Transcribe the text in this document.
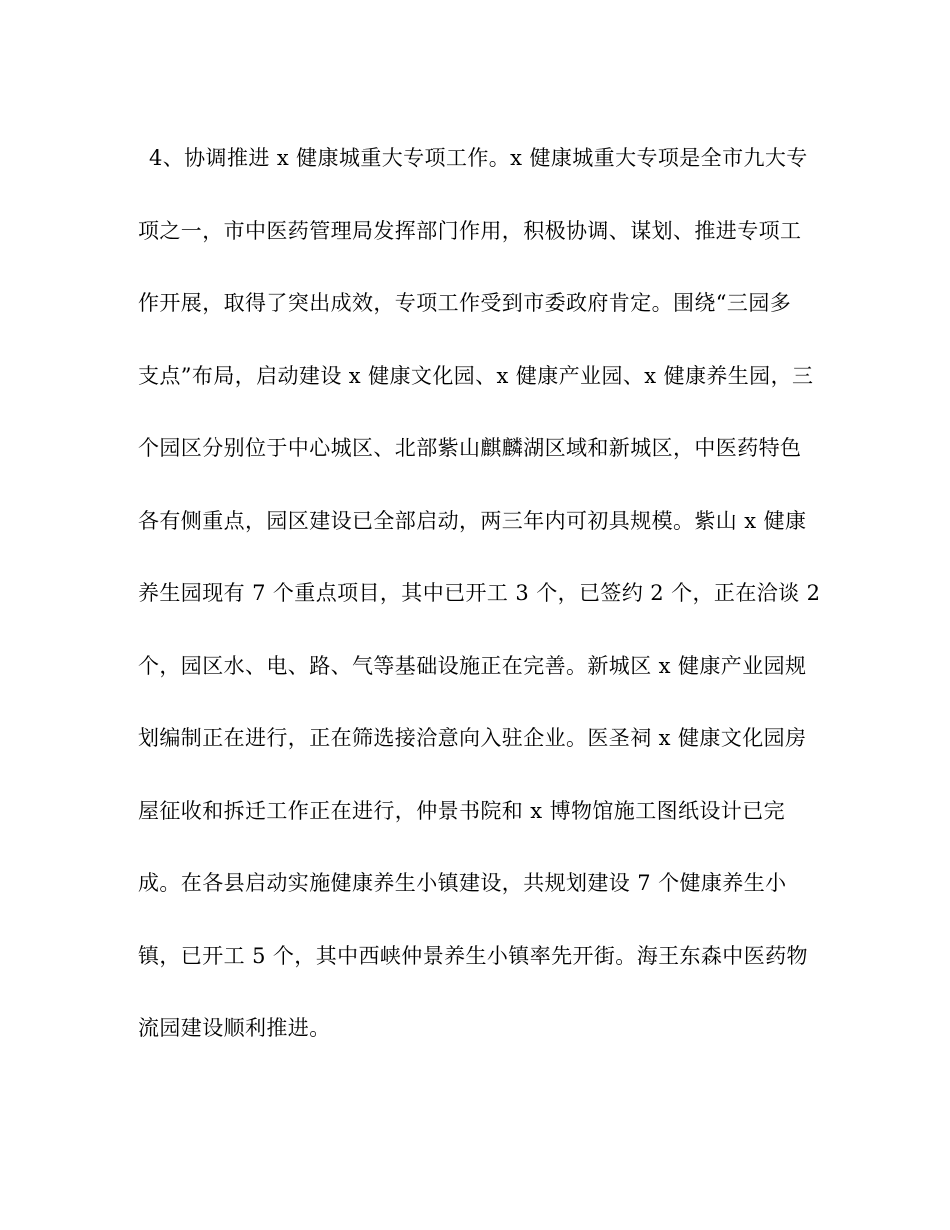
4、协调推进 x 健康城重大专项工作。x 健康城重大专项是全市九大专
项之一，市中医药管理局发挥部门作用，积极协调、谋划、推进专项工
作开展，取得了突出成效，专项工作受到市委政府肯定。围绕“三园多
支点”布局，启动建设 x 健康文化园、x 健康产业园、x 健康养生园，三
个园区分别位于中心城区、北部紫山麒麟湖区域和新城区，中医药特色
各有侧重点，园区建设已全部启动，两三年内可初具规模。紫山 x 健康
养生园现有 7 个重点项目，其中已开工 3 个，已签约 2 个，正在洽谈 2
个，园区水、电、路、气等基础设施正在完善。新城区 x 健康产业园规
划编制正在进行，正在筛选接洽意向入驻企业。医圣祠 x 健康文化园房
屋征收和拆迁工作正在进行，仲景书院和 x 博物馆施工图纸设计已完
成。在各县启动实施健康养生小镇建设，共规划建设 7 个健康养生小
镇，已开工 5 个，其中西峡仲景养生小镇率先开街。海王东森中医药物
流园建设顺利推进。
